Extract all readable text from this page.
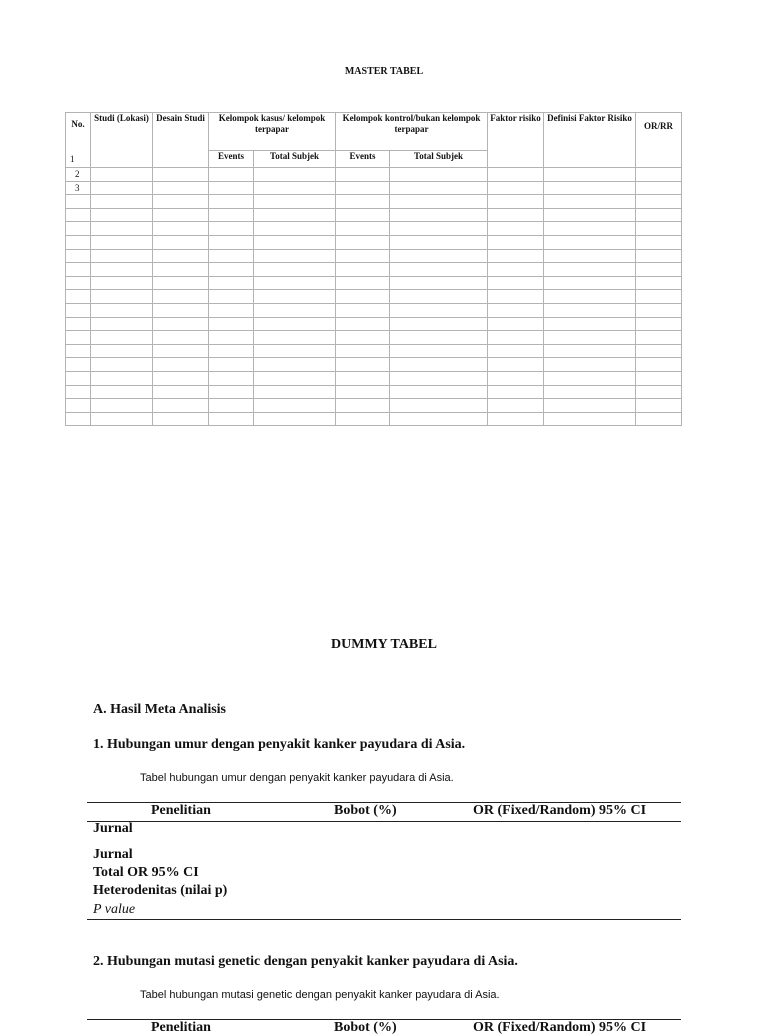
MASTER TABEL
No.
1	Studi (Lokasi)	Desain Studi	Kelompok kasus/ kelompok terpapar		Kelompok kontrol/bukan kelompok terpapar		Faktor risiko	Definisi Faktor Risiko	OR/RR
			Events	Total Subjek	Events	Total Subjek			
2									
3									

DUMMY TABEL
A. Hasil Meta Analisis
1. Hubungan umur dengan penyakit kanker payudara di Asia.
Tabel hubungan umur dengan penyakit kanker payudara di Asia.
Penelitian	Bobot (%)	OR (Fixed/Random) 95% CI
Jurnal
Jurnal
Total OR 95% CI
Heterodenitas (nilai p)
P value
2. Hubungan mutasi genetic dengan penyakit kanker payudara di Asia.
Tabel hubungan mutasi genetic dengan penyakit kanker payudara di Asia.
Penelitian	Bobot (%)	OR (Fixed/Random) 95% CI
